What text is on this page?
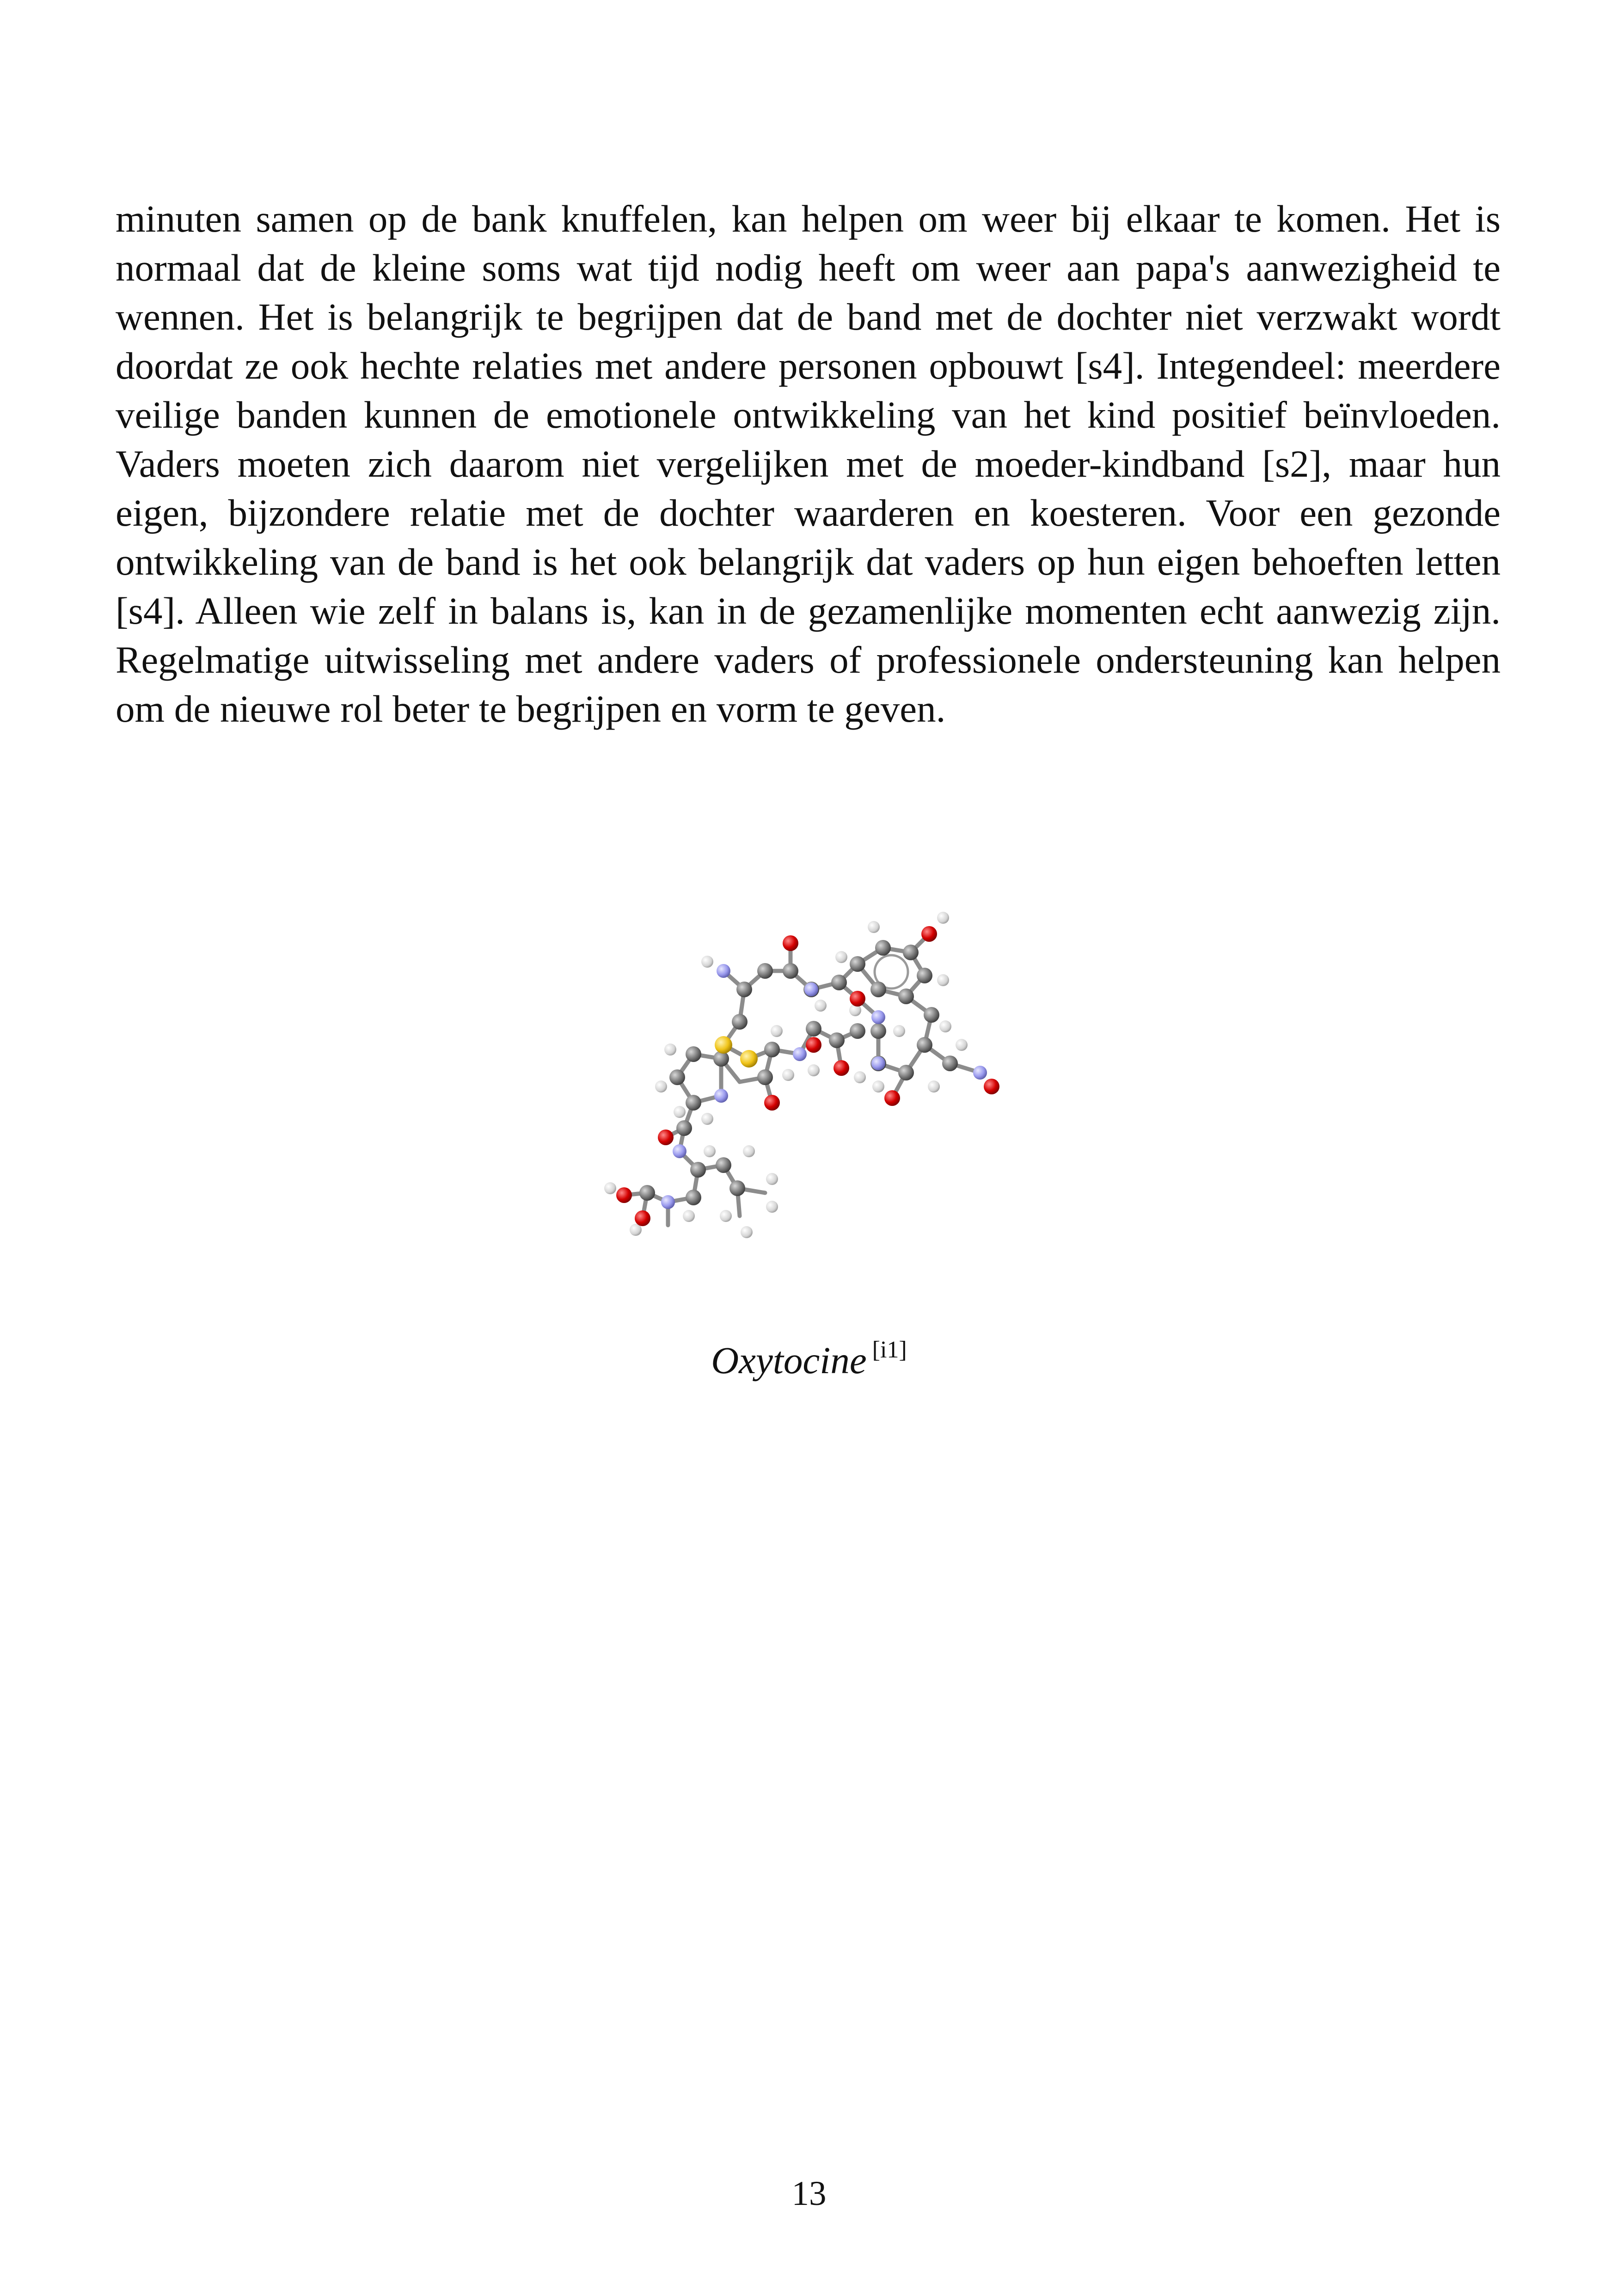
minuten samen op de bank knuffelen, kan helpen om weer bij elkaar te komen. Het is normaal dat de kleine soms wat tijd nodig heeft om weer aan papa's aanwezigheid te wennen. Het is belangrijk te begrijpen dat de band met de dochter niet verzwakt wordt doordat ze ook hechte relaties met andere personen opbouwt [s4]. Integendeel: meerdere veilige banden kunnen de emotionele ontwikkeling van het kind positief beïnvloeden. Vaders moeten zich daarom niet vergelijken met de moeder-kindband [s2], maar hun eigen, bijzondere relatie met de dochter waarderen en koesteren. Voor een gezonde ontwikkeling van de band is het ook belangrijk dat vaders op hun eigen behoeften letten [s4]. Alleen wie zelf in balans is, kan in de gezamenlijke momenten echt aanwezig zijn. Regelmatige uitwisseling met andere vaders of professionele ondersteuning kan helpen om de nieuwe rol beter te begrijpen en vorm te geven.

Oxytocine [i1]
13
